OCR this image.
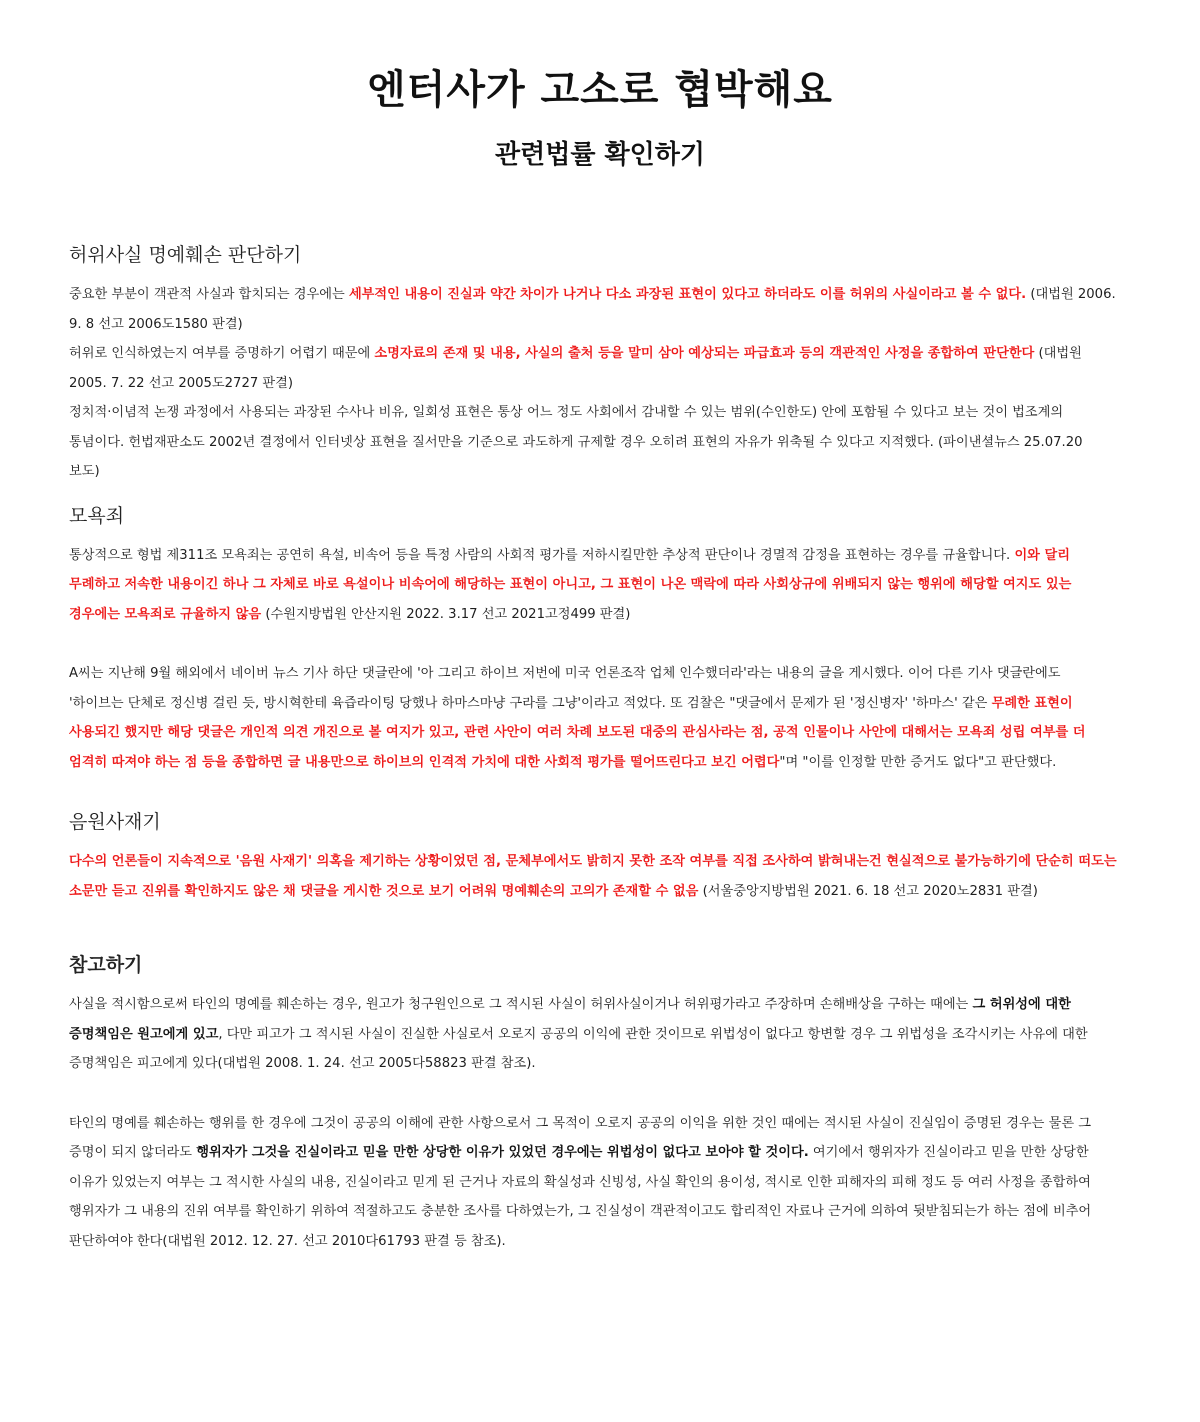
엔터사가 고소로 협박해요
관련법률 확인하기
허위사실 명예훼손 판단하기

중요한 부분이 객관적 사실과 합치되는 경우에는 세부적인 내용이 진실과 약간 차이가 나거나 다소 과장된 표현이 있다고 하더라도 이를 허위의 사실이라고 볼 수 없다. (대법원 2006. 9. 8 선고 2006도1580 판결)

허위로 인식하였는지 여부를 증명하기 어렵기 때문에 소명자료의 존재 및 내용, 사실의 출처 등을 말미 삼아 예상되는 파급효과 등의 객관적인 사정을 종합하여 판단한다 (대법원 2005. 7. 22 선고 2005도2727 판결)

정치적·이념적 논쟁 과정에서 사용되는 과장된 수사나 비유, 일회성 표현은 통상 어느 정도 사회에서 감내할 수 있는 범위(수인한도) 안에 포함될 수 있다고 보는 것이 법조계의 통념이다. 헌법재판소도 2002년 결정에서 인터넷상 표현을 질서만을 기준으로 과도하게 규제할 경우 오히려 표현의 자유가 위축될 수 있다고 지적했다. (파이낸셜뉴스 25.07.20 보도)

모욕죄

통상적으로 형법 제311조 모욕죄는 공연히 욕설, 비속어 등을 특정 사람의 사회적 평가를 저하시킬만한 추상적 판단이나 경멸적 감정을 표현하는 경우를 규율합니다. 이와 달리 무례하고 저속한 내용이긴 하나 그 자체로 바로 욕설이나 비속어에 해당하는 표현이 아니고, 그 표현이 나온 맥락에 따라 사회상규에 위배되지 않는 행위에 해당할 여지도 있는 경우에는 모욕죄로 규율하지 않음 (수원지방법원 안산지원 2022. 3.17 선고 2021고정499 판결)

A씨는 지난해 9월 해외에서 네이버 뉴스 기사 하단 댓글란에 '아 그리고 하이브 저번에 미국 언론조작 업체 인수했더라'라는 내용의 글을 게시했다. 이어 다른 기사 댓글란에도 '하이브는 단체로 정신병 걸린 듯, 방시혁한테 육즙라이팅 당했나 하마스마냥 구라를 그냥'이라고 적었다. 또 검찰은 "댓글에서 문제가 된 '정신병자' '하마스' 같은 무례한 표현이 사용되긴 했지만 해당 댓글은 개인적 의견 개진으로 볼 여지가 있고, 관련 사안이 여러 차례 보도된 대중의 관심사라는 점, 공적 인물이나 사안에 대해서는 모욕죄 성립 여부를 더 엄격히 따져야 하는 점 등을 종합하면 글 내용만으로 하이브의 인격적 가치에 대한 사회적 평가를 떨어뜨린다고 보긴 어렵다"며 "이를 인정할 만한 증거도 없다"고 판단했다.

음원사재기

다수의 언론들이 지속적으로 '음원 사재기' 의혹을 제기하는 상황이었던 점, 문체부에서도 밝히지 못한 조작 여부를 직접 조사하여 밝혀내는건 현실적으로 불가능하기에 단순히 떠도는 소문만 듣고 진위를 확인하지도 않은 채 댓글을 게시한 것으로 보기 어려워 명예훼손의 고의가 존재할 수 없음 (서울중앙지방법원 2021. 6. 18 선고 2020노2831 판결)

참고하기

사실을 적시함으로써 타인의 명예를 훼손하는 경우, 원고가 청구원인으로 그 적시된 사실이 허위사실이거나 허위평가라고 주장하며 손해배상을 구하는 때에는 그 허위성에 대한 증명책임은 원고에게 있고, 다만 피고가 그 적시된 사실이 진실한 사실로서 오로지 공공의 이익에 관한 것이므로 위법성이 없다고 항변할 경우 그 위법성을 조각시키는 사유에 대한 증명책임은 피고에게 있다(대법원 2008. 1. 24. 선고 2005다58823 판결 참조).

타인의 명예를 훼손하는 행위를 한 경우에 그것이 공공의 이해에 관한 사항으로서 그 목적이 오로지 공공의 이익을 위한 것인 때에는 적시된 사실이 진실임이 증명된 경우는 물론 그 증명이 되지 않더라도 행위자가 그것을 진실이라고 믿을 만한 상당한 이유가 있었던 경우에는 위법성이 없다고 보아야 할 것이다. 여기에서 행위자가 진실이라고 믿을 만한 상당한 이유가 있었는지 여부는 그 적시한 사실의 내용, 진실이라고 믿게 된 근거나 자료의 확실성과 신빙성, 사실 확인의 용이성, 적시로 인한 피해자의 피해 정도 등 여러 사정을 종합하여 행위자가 그 내용의 진위 여부를 확인하기 위하여 적절하고도 충분한 조사를 다하였는가, 그 진실성이 객관적이고도 합리적인 자료나 근거에 의하여 뒷받침되는가 하는 점에 비추어 판단하여야 한다(대법원 2012. 12. 27. 선고 2010다61793 판결 등 참조).
